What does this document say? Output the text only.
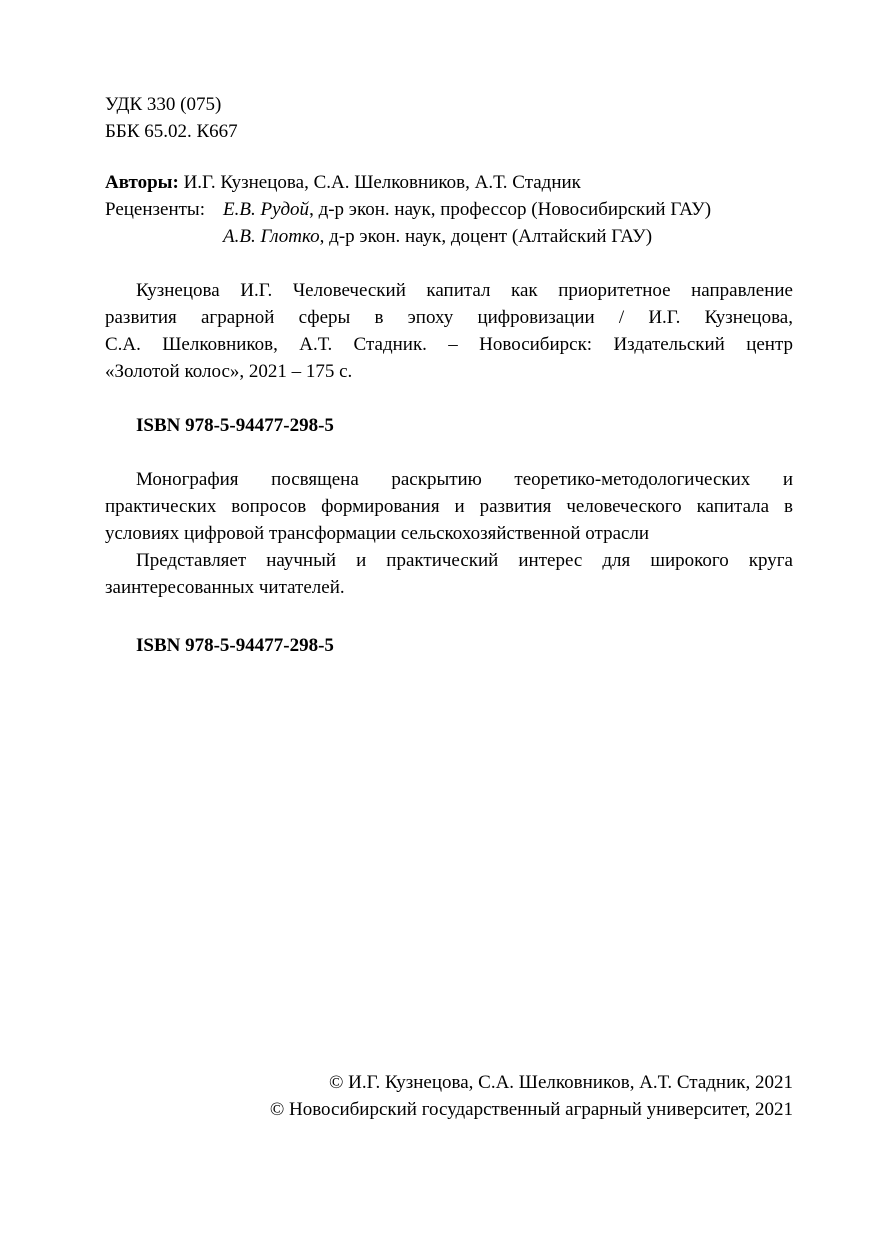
УДК 330 (075)
ББК 65.02. К667
Авторы: И.Г. Кузнецова, С.А. Шелковников, А.Т. Стадник
Рецензенты: Е.В. Рудой, д-р экон. наук, профессор (Новосибирский ГАУ)
А.В. Глотко, д-р экон. наук, доцент (Алтайский ГАУ)
Кузнецова И.Г. Человеческий капитал как приоритетное направление
развития аграрной сферы в эпоху цифровизации / И.Г. Кузнецова,
С.А. Шелковников, А.Т. Стадник. – Новосибирск: Издательский центр
«Золотой колос», 2021 – 175 с.
ISBN 978-5-94477-298-5
Монография посвящена раскрытию теоретико-методологических и
практических вопросов формирования и развития человеческого капитала в
условиях цифровой трансформации сельскохозяйственной отрасли
Представляет научный и практический интерес для широкого круга
заинтересованных читателей.
ISBN 978-5-94477-298-5
© И.Г. Кузнецова, С.А. Шелковников, А.Т. Стадник, 2021
© Новосибирский государственный аграрный университет, 2021
